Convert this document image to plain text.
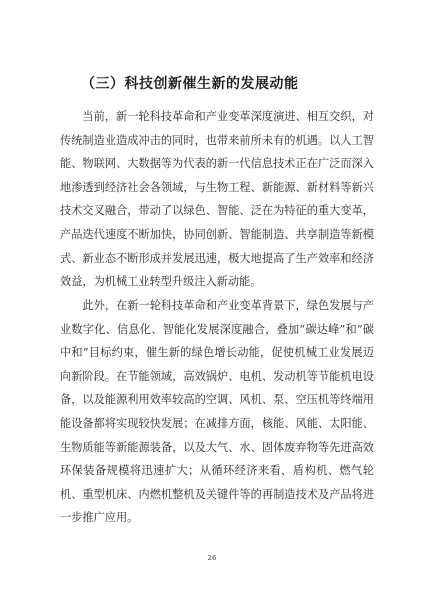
（三）科技创新催生新的发展动能

当前，新一轮科技革命和产业变革深度演进、相互交织，对传统制造业造成冲击的同时，也带来前所未有的机遇。以人工智能、物联网、大数据等为代表的新一代信息技术正在广泛而深入地渗透到经济社会各领域，与生物工程、新能源、新材料等新兴技术交叉融合，带动了以绿色、智能、泛在为特征的重大变革，产品迭代速度不断加快，协同创新、智能制造、共享制造等新模式、新业态不断形成并发展迅速，极大地提高了生产效率和经济效益，为机械工业转型升级注入新动能。

此外，在新一轮科技革命和产业变革背景下，绿色发展与产业数字化、信息化、智能化发展深度融合，叠加“碳达峰”和“碳中和”目标约束，催生新的绿色增长动能，促使机械工业发展迈向新阶段。在节能领域，高效锅炉、电机、发动机等节能机电设备，以及能源利用效率较高的空调、风机、泵、空压机等终端用能设备都将实现较快发展；在减排方面，核能、风能、太阳能、生物质能等新能源装备，以及大气、水、固体废弃物等先进高效环保装备规模将迅速扩大；从循环经济来看，盾构机、燃气轮机、重型机床、内燃机整机及关键件等的再制造技术及产品将进一步推广应用。

26
